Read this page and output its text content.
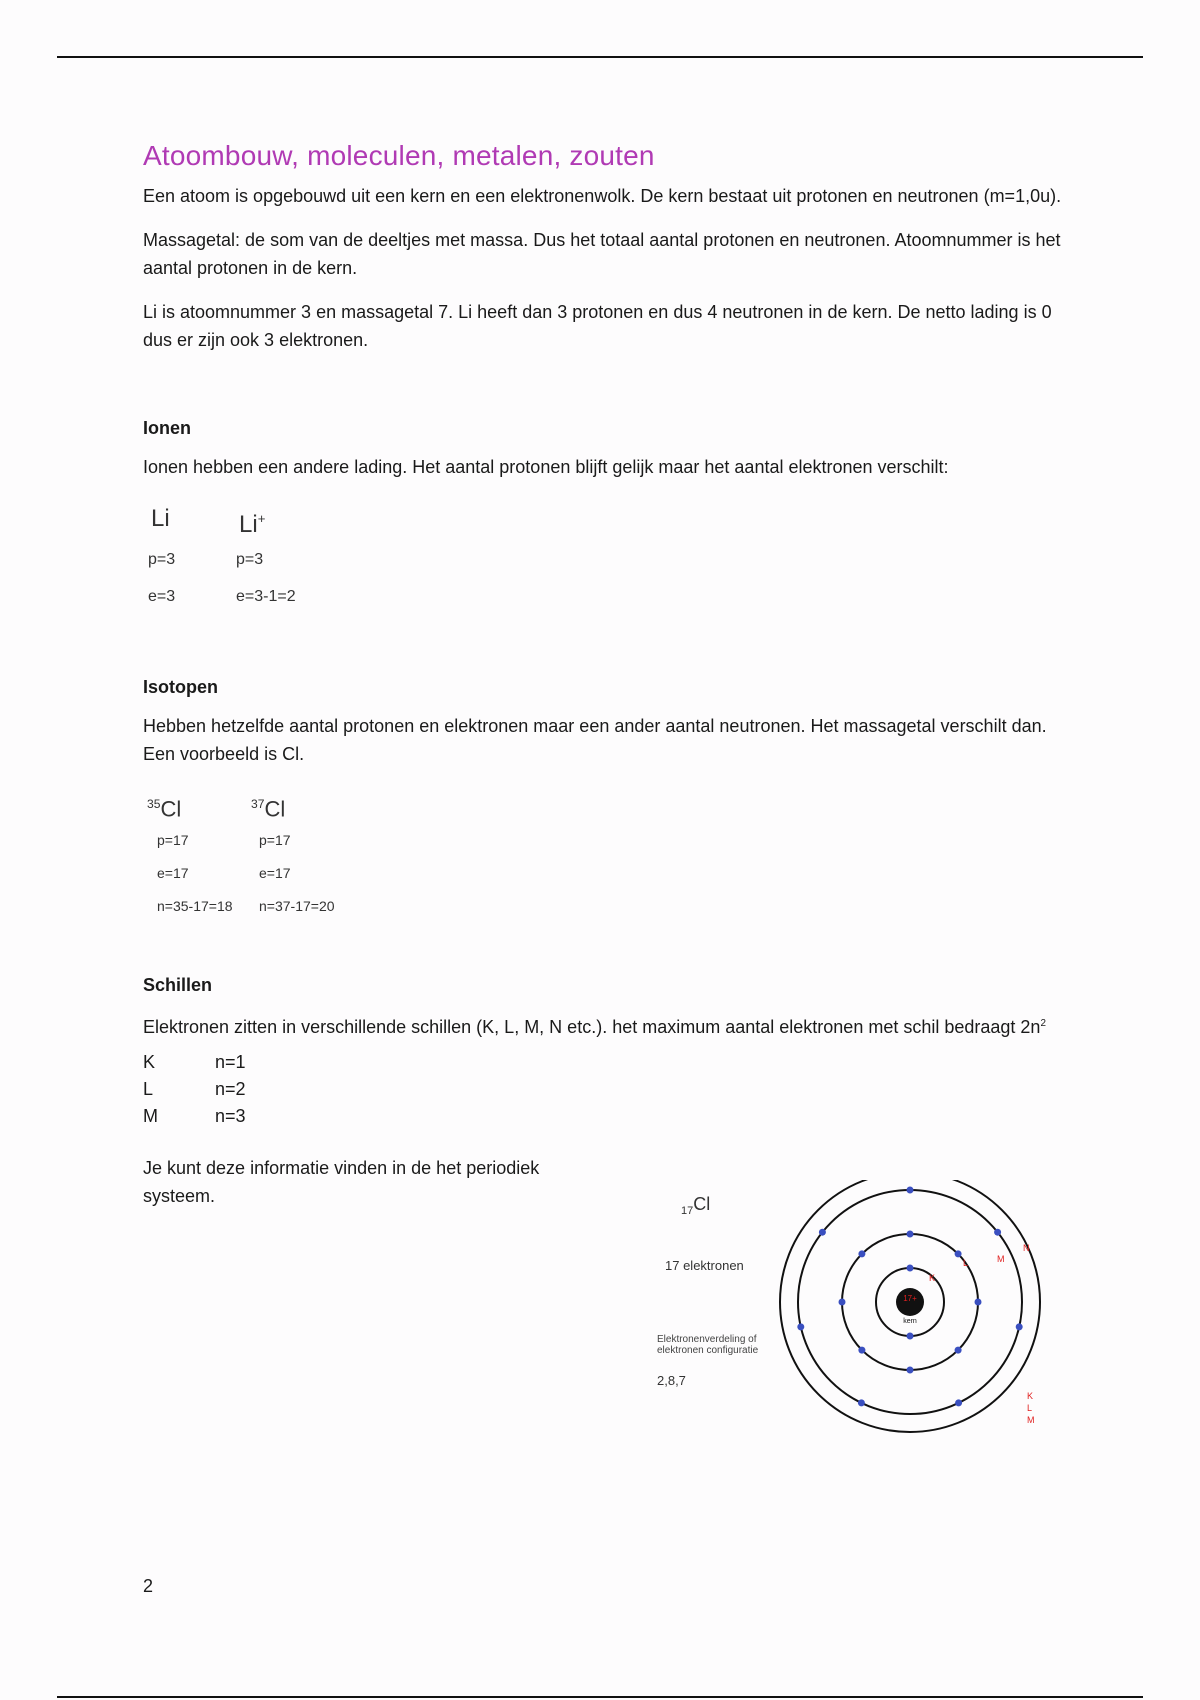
Atoombouw, moleculen, metalen, zouten

Een atoom is opgebouwd uit een kern en een elektronenwolk. De kern bestaat uit protonen en neutronen (m=1,0u).

Massagetal: de som van de deeltjes met massa. Dus het totaal aantal protonen en neutronen. Atoomnummer is het aantal protonen in de kern.

Li is atoomnummer 3 en massagetal 7. Li heeft dan 3 protonen en dus 4 neutronen in de kern. De netto lading is 0 dus er zijn ook 3 elektronen.

Ionen

Ionen hebben een andere lading. Het aantal protonen blijft gelijk maar het aantal elektronen verschilt:

Li	Li+
p=3	p=3
e=3	e=3-1=2
Isotopen

Hebben hetzelfde aantal protonen en elektronen maar een ander aantal neutronen. Het massagetal verschilt dan. Een voorbeeld is Cl.

$^{35}$Cl	$^{37}$Cl
p=17	p=17
e=17	e=17
n=35-17=18	n=37-17=20
Schillen

Elektronen zitten in verschillende schillen (K, L, M, N etc.). het maximum aantal elektronen met schil bedraagt $2n^2$

K	n=1
L	n=2
M	n=3

Je kunt deze informatie vinden in de het periodiek systeem.

$_{17}$Cl
17 elektronen
Elektronenverdeling of
elektronen configuratie
2,8,7
17+
kern
K
L	M
N
K
L
M
2
